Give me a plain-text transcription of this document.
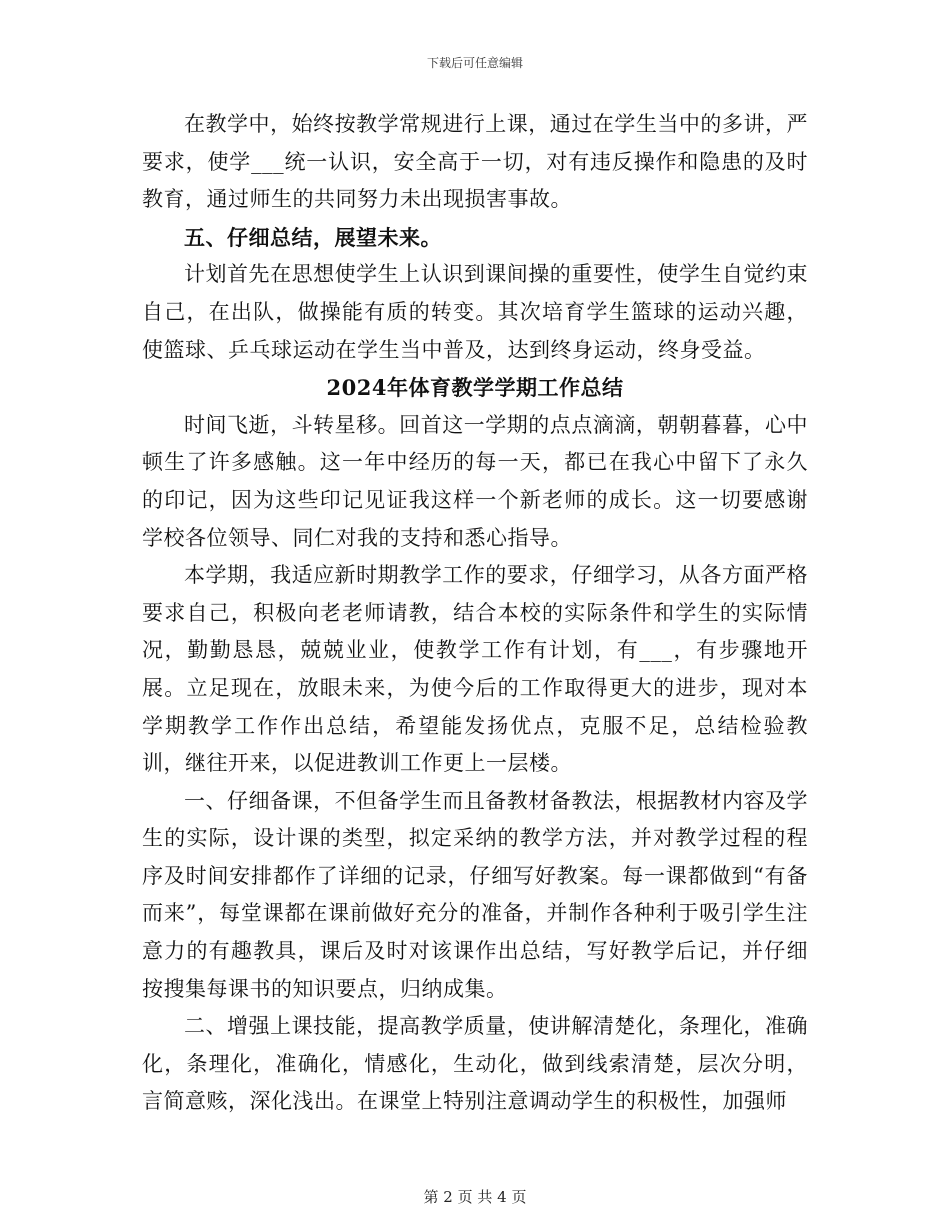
下载后可任意编辑

在教学中，始终按教学常规进行上课，通过在学生当中的多讲，严要求，使学___统一认识，安全高于一切，对有违反操作和隐患的及时教育，通过师生的共同努力未出现损害事故。

五、仔细总结，展望未来。

计划首先在思想使学生上认识到课间操的重要性，使学生自觉约束自己，在出队，做操能有质的转变。其次培育学生篮球的运动兴趣，使篮球、乒乓球运动在学生当中普及，达到终身运动，终身受益。

2024年体育教学学期工作总结

时间飞逝，斗转星移。回首这一学期的点点滴滴，朝朝暮暮，心中顿生了许多感触。这一年中经历的每一天，都已在我心中留下了永久的印记，因为这些印记见证我这样一个新老师的成长。这一切要感谢学校各位领导、同仁对我的支持和悉心指导。

本学期，我适应新时期教学工作的要求，仔细学习，从各方面严格要求自己，积极向老老师请教，结合本校的实际条件和学生的实际情况，勤勤恳恳，兢兢业业，使教学工作有计划，有___，有步骤地开展。立足现在，放眼未来，为使今后的工作取得更大的进步，现对本学期教学工作作出总结，希望能发扬优点，克服不足，总结检验教训，继往开来，以促进教训工作更上一层楼。

一、仔细备课，不但备学生而且备教材备教法，根据教材内容及学生的实际，设计课的类型，拟定采纳的教学方法，并对教学过程的程序及时间安排都作了详细的记录，仔细写好教案。每一课都做到“有备而来”，每堂课都在课前做好充分的准备，并制作各种利于吸引学生注意力的有趣教具，课后及时对该课作出总结，写好教学后记，并仔细按搜集每课书的知识要点，归纳成集。

二、增强上课技能，提高教学质量，使讲解清楚化，条理化，准确化，条理化，准确化，情感化，生动化，做到线索清楚，层次分明，言简意赅，深化浅出。在课堂上特别注意调动学生的积极性，加强师

第 2 页 共 4 页
